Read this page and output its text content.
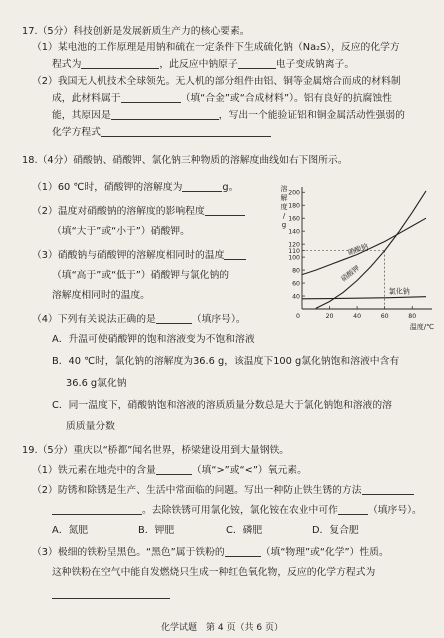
17.（5分）科技创新是发展新质生产力的核心要素。
（1）某电池的工作原理是用钠和硫在一定条件下生成硫化钠（Na₂S），反应的化学方
程式为	，此反应中钠原子	电子变成钠离子。
（2）我国无人机技术全球领先。无人机的部分组件由铝、铜等金属熔合而成的材料制
成，此材料属于	（填“合金”或“合成材料”）。铝有良好的抗腐蚀性
能，其原因是	，写出一个能验证铝和铜金属活动性强弱的
化学方程式
18.（4分）硝酸钠、硝酸钾、氯化钠三种物质的溶解度曲线如右下图所示。
（1）60 ℃时，硝酸钾的溶解度为	g。
（2）温度对硝酸钠的溶解度的影响程度
（填“大于”或“小于”）硝酸钾。
（3）硝酸钠与硝酸钾的溶解度相同时的温度
（填“高于”或“低于”）硝酸钾与氯化钠的
溶解度相同时的温度。
（4）下列有关说法正确的是	（填序号）。
A．升温可使硝酸钾的饱和溶液变为不饱和溶液
B．40 ℃时，氯化钠的溶解度为36.6 g，该温度下100 g氯化钠饱和溶液中含有
36.6 g氯化钠
C．同一温度下，硝酸钠饱和溶液的溶质质量分数总是大于氯化钠饱和溶液的溶
质质量分数
40
60
80
100
110
120
140
160
180
200
0	20	40	60	80
溶
解
度
/
g
温度/℃
硝酸钠
硝酸钾
氯化钠
19.（5分）重庆以“桥都”闻名世界，桥梁建设用到大量钢铁。
（1）铁元素在地壳中的含量	（填“>”或“<”）氧元素。
（2）防锈和除锈是生产、生活中常面临的问题。写出一种防止铁生锈的方法
。去除铁锈可用氯化铵，氯化铵在农业中可作	（填序号）。
A．氮肥	B．钾肥	C．磷肥	D．复合肥
（3）极细的铁粉呈黑色。“黑色”属于铁粉的	（填“物理”或“化学”）性质。
这种铁粉在空气中能自发燃烧只生成一种红色氧化物，反应的化学方程式为
化学试题　第 4 页（共 6 页）
